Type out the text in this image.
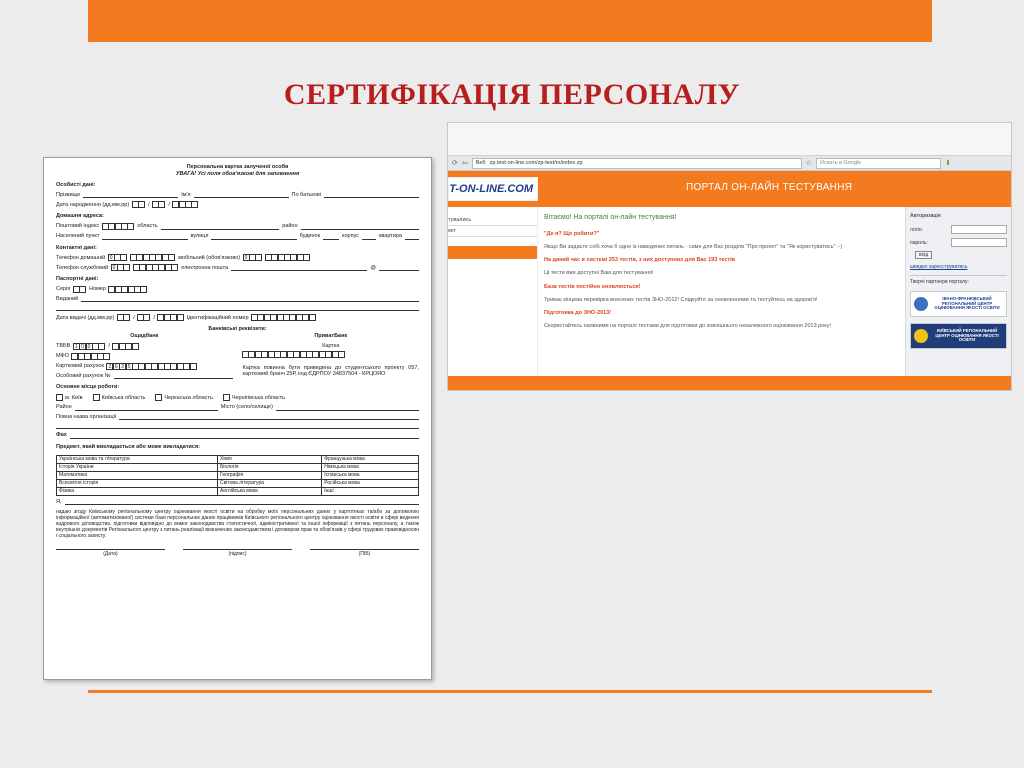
СЕРТИФІКАЦІЯ ПЕРСОНАЛУ
Персональна картка залученої особи
УВАГА! Усі поля обов'язкові для заповнення
Особисті дані:
Прізвище	Ім'я	По батькові
Дата народження (дд.мм.рр)	/	/
Домашня адреса:
Поштовий індекс	область	район
Населений пункт	вулиця	будинок	корпус	квартира
Контактні дані:
Телефон домашній 0	мобільний (обов'язково) 0
Телефон службовий 0	електронна пошта	@
Паспортні дані:
Серія	Номер
Виданий
Дата видачі (дд.мм.рр)	/	/	Ідентифікаційний номер
Банківські реквізити:
Ощадбанк
ТВБВ 1 0 0	/
МФО
Картковий рахунок 2 6 2 5
Особовий рахунок №
ПриватБанк
Картка
Картка повинна бути приведена до студентського проекту 057, картковий бранч 25Р, код ЄДРПОУ 34837504 - КРЦОЯО
Основне місце роботи:
м. Київ	Київська область	Черкаська область	Чернігівська область
Район	Місто (село/селище)
Повна назва організації
Фах
Предмет, який викладається або може викладатися:
Українська мова та література	Хімія	Французька мова
Історія України	Біологія	Німецька мова
Математика	Географія	Іспанська мова
Всесвітня історія	Світова література	Російська мова
Фізика	Англійська мова	Інші
Я,
надаю згоду Київському регіональному центру оцінювання якості освіти на обробку моїх персональних даних у картотеках та/або за допомогою інформаційної (автоматизованої) системи бази персональних даних працівників Київського регіонального центру оцінювання якості освіти в сфері ведення кадрового діловодства, підготовки відповідно до вимог законодавства статистичної, адміністративної та іншої інформації з питань персоналу, а також внутрішніх документів Регіонального центру з питань реалізації визначених законодавством і договором прав та обов'язків у сфері трудових правовідносин і соціального захисту.
(Дата)	(підпис)	(ПІБ)
⟳ ⇦ Веб zp.test-on-line.com/zp-test/ro/index.zp	☆	Искать в Google	⬇
T-ON-LINE.COM	ПОРТАЛ ОН-ЛАЙН ТЕСТУВАННЯ
тувались
ект
Вітаємо! На порталі он-лайн тестування!

"Де я? Що робити?"

Якщо Ви задаєте собі хоча б одне із наведених питань - саме для Вас розділи "Про проект" та "Як користуватись" :-)

На даний час в системі 253 тестів, з них доступних для Вас 193 тестів

Ці тести вже доступні Вам для тестування!

База тестів постійно оновлюється!

Триває кінцева перевірка внесених тестів ЗНО-2012! Слідкуйте за оновленнями та тестуйтесь на здоров'я!

Підготовка до ЗНО-2013!

Скористайтесь наявними на порталі тестами для підготовки до зовнішнього незалежного оцінювання 2013 року!

Авторизація
логін:
пароль:
вхід
швидко зареєструватись
Творчі партнери порталу:
ІВАНО-ФРАНКІВСЬКИЙ РЕГІОНАЛЬНИЙ ЦЕНТР ОЦІНЮВАННЯ ЯКОСТІ ОСВІТИ
КИЇВСЬКИЙ РЕГІОНАЛЬНИЙ ЦЕНТР ОЦІНЮВАННЯ ЯКОСТІ ОСВІТИ
